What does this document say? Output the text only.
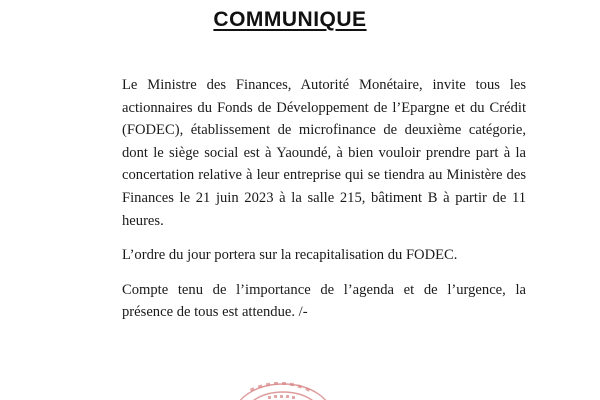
COMMUNIQUE

Le Ministre des Finances, Autorité Monétaire, invite tous les actionnaires du Fonds de Développement de l’Epargne et du Crédit (FODEC), établissement de microfinance de deuxième catégorie, dont le siège social est à Yaoundé, à bien vouloir prendre part à la concertation relative à leur entreprise qui se tiendra au Ministère des Finances le 21 juin 2023 à la salle 215, bâtiment B à partir de 11 heures.

L’ordre du jour portera sur la recapitalisation du FODEC.

Compte tenu de l’importance de l’agenda et de l’urgence, la présence de tous est attendue. /-
